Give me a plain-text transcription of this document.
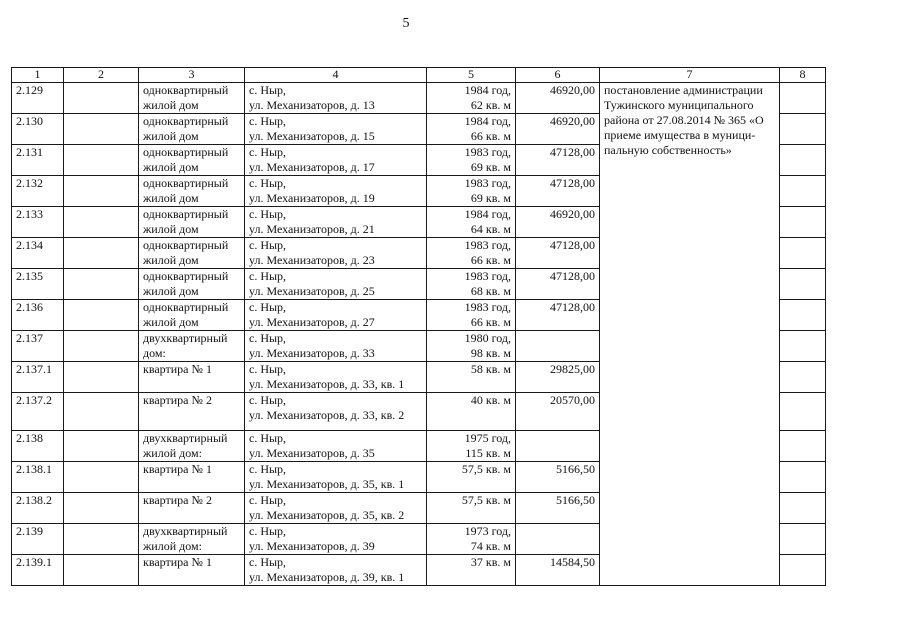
5
1	2	3	4	5	6	7	8
2.129		одноквартирный
жилой дом	с. Ныр,
ул. Механизаторов, д. 13	1984 год,
62 кв. м	46920,00	постановление администрации
Тужинского муниципального
района от 27.08.2014 № 365 «О
приеме имущества в муници-
пальную собственность»	

2.130		одноквартирный
жилой дом	с. Ныр,
ул. Механизаторов, д. 15	1984 год,
66 кв. м	46920,00		
2.131		одноквартирный
жилой дом	с. Ныр,
ул. Механизаторов, д. 17	1983 год,
69 кв. м	47128,00		
2.132		одноквартирный
жилой дом	с. Ныр,
ул. Механизаторов, д. 19	1983 год,
69 кв. м	47128,00		
2.133		одноквартирный
жилой дом	с. Ныр,
ул. Механизаторов, д. 21	1984 год,
64 кв. м	46920,00		
2.134		одноквартирный
жилой дом	с. Ныр,
ул. Механизаторов, д. 23	1983 год,
66 кв. м	47128,00		
2.135		одноквартирный
жилой дом	с. Ныр,
ул. Механизаторов, д. 25	1983 год,
68 кв. м	47128,00		
2.136		одноквартирный
жилой дом	с. Ныр,
ул. Механизаторов, д. 27	1983 год,
66 кв. м	47128,00		
2.137		двухквартирный
дом:	с. Ныр,
ул. Механизаторов, д. 33	1980 год,
98 кв. м			

2.137.1		квартира № 1	с. Ныр,
ул. Механизаторов, д. 33, кв. 1	58 кв. м	29825,00		
2.137.2		квартира № 2	с. Ныр,
ул. Механизаторов, д. 33, кв. 2	40 кв. м	20570,00		
2.138		двухквартирный
жилой дом:	с. Ныр,
ул. Механизаторов, д. 35	1975 год,
115 кв. м			

2.138.1		квартира № 1	с. Ныр,
ул. Механизаторов, д. 35, кв. 1	57,5 кв. м	5166,50		
2.138.2		квартира № 2	с. Ныр,
ул. Механизаторов, д. 35, кв. 2	57,5 кв. м	5166,50		
2.139		двухквартирный
жилой дом:	с. Ныр,
ул. Механизаторов, д. 39	1973 год,
74 кв. м			

2.139.1		квартира № 1	с. Ныр,
ул. Механизаторов, д. 39, кв. 1	37 кв. м	14584,50		
